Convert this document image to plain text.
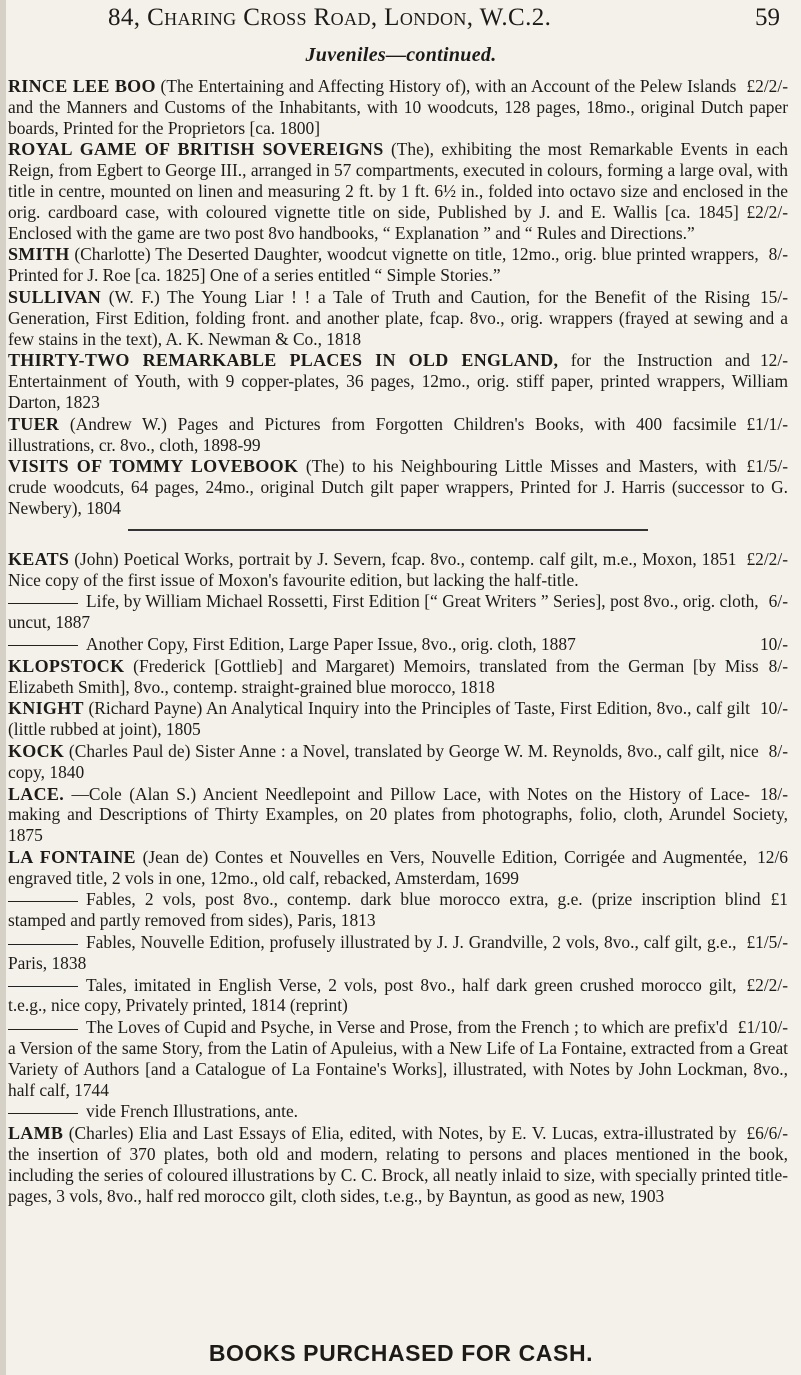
84, Charing Cross Road, London, W.C.2.	59
Juveniles—continued.
£2/2/-
RINCE LEE BOO (The Entertaining and Affecting History of), with an Account of the Pelew Islands and the Manners and Customs of the Inhabitants, with 10 woodcuts, 128 pages, 18mo., original Dutch paper boards, Printed for the Proprietors [ca. 1800]
ROYAL GAME OF BRITISH SOVEREIGNS (The), exhibiting the most Remarkable Events in each Reign, from Egbert to George III., arranged in 57 compartments, executed in colours, forming a large oval, with title in centre, mounted on linen and measuring 2 ft. by 1 ft. 6½ in., folded into octavo size and enclosed in the orig. cardboard case, with coloured vignette title on side, Published by J. and E. Wallis [ca. 1845] £2/2/- Enclosed with the game are two post 8vo handbooks, “ Explanation ” and “ Rules and Directions.”
8/-
SMITH (Charlotte) The Deserted Daughter, woodcut vignette on title, 12mo., orig. blue printed wrappers, Printed for J. Roe [ca. 1825] One of a series entitled “ Simple Stories.”
15/-
SULLIVAN (W. F.) The Young Liar ! ! a Tale of Truth and Caution, for the Benefit of the Rising Generation, First Edition, folding front. and another plate, fcap. 8vo., orig. wrappers (frayed at sewing and a few stains in the text), A. K. Newman & Co., 1818
12/-
THIRTY-TWO REMARKABLE PLACES IN OLD ENGLAND, for the Instruction and Entertainment of Youth, with 9 copper-plates, 36 pages, 12mo., orig. stiff paper, printed wrappers, William Darton, 1823
£1/1/-
TUER (Andrew W.) Pages and Pictures from Forgotten Children's Books, with 400 facsimile illustrations, cr. 8vo., cloth, 1898-99
£1/5/-
VISITS OF TOMMY LOVEBOOK (The) to his Neighbouring Little Misses and Masters, with crude woodcuts, 64 pages, 24mo., original Dutch gilt paper wrappers, Printed for J. Harris (successor to G. Newbery), 1804
£2/2/-
KEATS (John) Poetical Works, portrait by J. Severn, fcap. 8vo., contemp. calf gilt, m.e., Moxon, 1851 Nice copy of the first issue of Moxon's favourite edition, but lacking the half-title.
6/-
Life, by William Michael Rossetti, First Edition [“ Great Writers ” Series], post 8vo., orig. cloth, uncut, 1887
10/-
Another Copy, First Edition, Large Paper Issue, 8vo., orig. cloth, 1887
8/-
KLOPSTOCK (Frederick [Gottlieb] and Margaret) Memoirs, translated from the German [by Miss Elizabeth Smith], 8vo., contemp. straight-grained blue morocco, 1818
10/-
KNIGHT (Richard Payne) An Analytical Inquiry into the Principles of Taste, First Edition, 8vo., calf gilt (little rubbed at joint), 1805
8/-
KOCK (Charles Paul de) Sister Anne : a Novel, translated by George W. M. Reynolds, 8vo., calf gilt, nice copy, 1840
18/-
LACE. —Cole (Alan S.) Ancient Needlepoint and Pillow Lace, with Notes on the History of Lace-making and Descriptions of Thirty Examples, on 20 plates from photographs, folio, cloth, Arundel Society, 1875
12/6
LA FONTAINE (Jean de) Contes et Nouvelles en Vers, Nouvelle Edition, Corrigée and Augmentée, engraved title, 2 vols in one, 12mo., old calf, rebacked, Amsterdam, 1699
£1
Fables, 2 vols, post 8vo., contemp. dark blue morocco extra, g.e. (prize inscription blind stamped and partly removed from sides), Paris, 1813
£1/5/-
Fables, Nouvelle Edition, profusely illustrated by J. J. Grandville, 2 vols, 8vo., calf gilt, g.e., Paris, 1838
£2/2/-
Tales, imitated in English Verse, 2 vols, post 8vo., half dark green crushed morocco gilt, t.e.g., nice copy, Privately printed, 1814 (reprint)
£1/10/-
The Loves of Cupid and Psyche, in Verse and Prose, from the French ; to which are prefix'd a Version of the same Story, from the Latin of Apuleius, with a New Life of La Fontaine, extracted from a Great Variety of Authors [and a Catalogue of La Fontaine's Works], illustrated, with Notes by John Lockman, 8vo., half calf, 1744
vide French Illustrations, ante.
£6/6/-
LAMB (Charles) Elia and Last Essays of Elia, edited, with Notes, by E. V. Lucas, extra-illustrated by the insertion of 370 plates, both old and modern, relating to persons and places mentioned in the book, including the series of coloured illustrations by C. C. Brock, all neatly inlaid to size, with specially printed title-pages, 3 vols, 8vo., half red morocco gilt, cloth sides, t.e.g., by Bayntun, as good as new, 1903
BOOKS PURCHASED FOR CASH.
